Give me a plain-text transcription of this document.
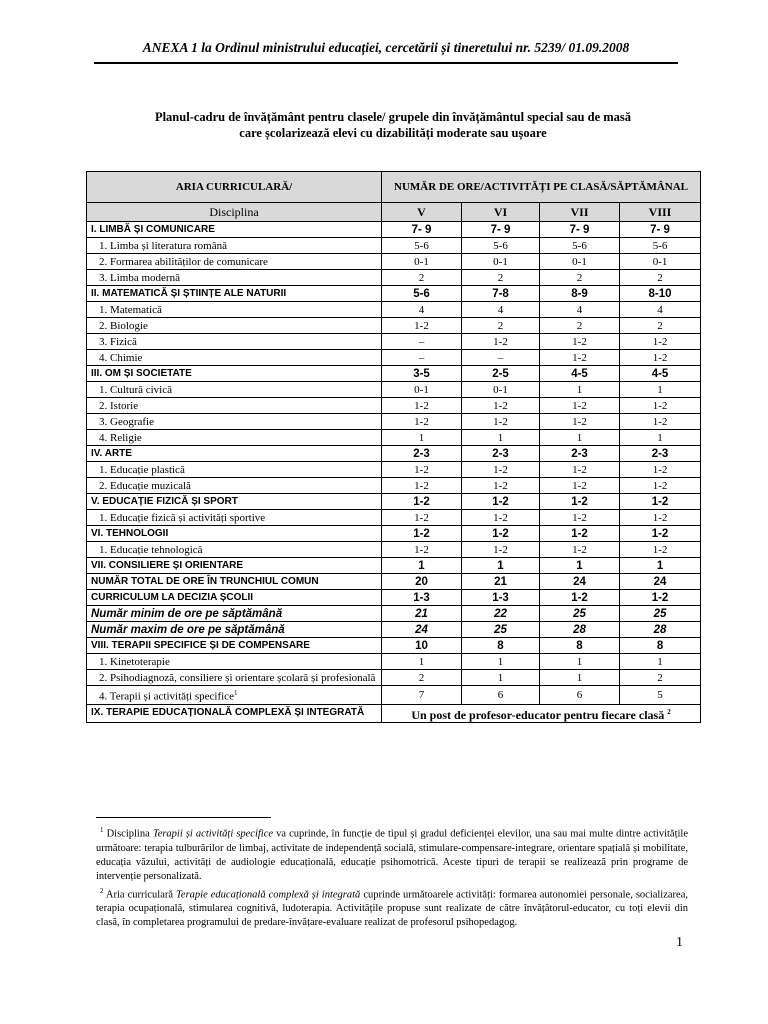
ANEXA 1 la Ordinul ministrului educației, cercetării și tineretului nr. 5239/ 01.09.2008
Planul-cadru de învățământ pentru clasele/ grupele din învățământul special sau de masă
care școlarizează elevi cu dizabilități moderate sau ușoare
ARIA CURRICULARĂ/	NUMĂR DE ORE/ACTIVITĂȚI PE CLASĂ/SĂPTĂMÂNAL			
Disciplina	V	VI	VII	VIII
I. LIMBĂ ȘI COMUNICARE	7- 9	7- 9	7- 9	7- 9
1. Limba și literatura română	5-6	5-6	5-6	5-6
2. Formarea abilităților de comunicare	0-1	0-1	0-1	0-1
3. Limba modernă	2	2	2	2
II. MATEMATICĂ ȘI ȘTIINȚE ALE NATURII	5-6	7-8	8-9	8-10
1. Matematică	4	4	4	4
2. Biologie	1-2	2	2	2
3. Fizică	–	1-2	1-2	1-2
4. Chimie	–	–	1-2	1-2
III. OM ȘI SOCIETATE	3-5	2-5	4-5	4-5
1. Cultură civică	0-1	0-1	1	1
2. Istorie	1-2	1-2	1-2	1-2
3. Geografie	1-2	1-2	1-2	1-2
4. Religie	1	1	1	1
IV. ARTE	2-3	2-3	2-3	2-3
1. Educație plastică	1-2	1-2	1-2	1-2
2. Educație muzicală	1-2	1-2	1-2	1-2
V. EDUCAȚIE FIZICĂ ȘI SPORT	1-2	1-2	1-2	1-2
1. Educație fizică și activități sportive	1-2	1-2	1-2	1-2
VI. TEHNOLOGII	1-2	1-2	1-2	1-2
1. Educație tehnologică	1-2	1-2	1-2	1-2
VII. CONSILIERE ȘI ORIENTARE	1	1	1	1
NUMĂR TOTAL DE ORE ÎN TRUNCHIUL COMUN	20	21	24	24
CURRICULUM LA DECIZIA ȘCOLII	1-3	1-3	1-2	1-2
Număr minim de ore pe săptămână	21	22	25	25
Număr maxim de ore pe săptămână	24	25	28	28
VIII. TERAPII SPECIFICE ȘI DE COMPENSARE	10	8	8	8
1. Kinetoterapie	1	1	1	1
2. Psihodiagnoză, consiliere și orientare școlară și profesională	2	1	1	2
4. Terapii și activități specifice$^1$	7	6	6	5
IX. TERAPIE EDUCAȚIONALĂ COMPLEXĂ ȘI INTEGRATĂ	Un post de profesor-educator pentru fiecare clasă $^2$

$^1$ Disciplina Terapii și activități specifice va cuprinde, în funcție de tipul și gradul deficienței elevilor, una sau mai multe dintre activitățile următoare: terapia tulburărilor de limbaj, activitate de independență socială, stimulare-compensare-integrare, orientare spațială și mobilitate, educația văzului, activități de audiologie educațională, educație psihomotrică. Aceste tipuri de terapii se realizează prin programe de intervenție personalizată.

$^2$ Aria curriculară Terapie educațională complexă și integrată cuprinde următoarele activități: formarea autonomiei personale, socializarea, terapia ocupațională, stimularea cognitivă, ludoterapia. Activitățile propuse sunt realizate de către învățătorul-educator, cu toți elevii din clasă, în completarea programului de predare-învățare-evaluare realizat de profesorul psihopedagog.

1
